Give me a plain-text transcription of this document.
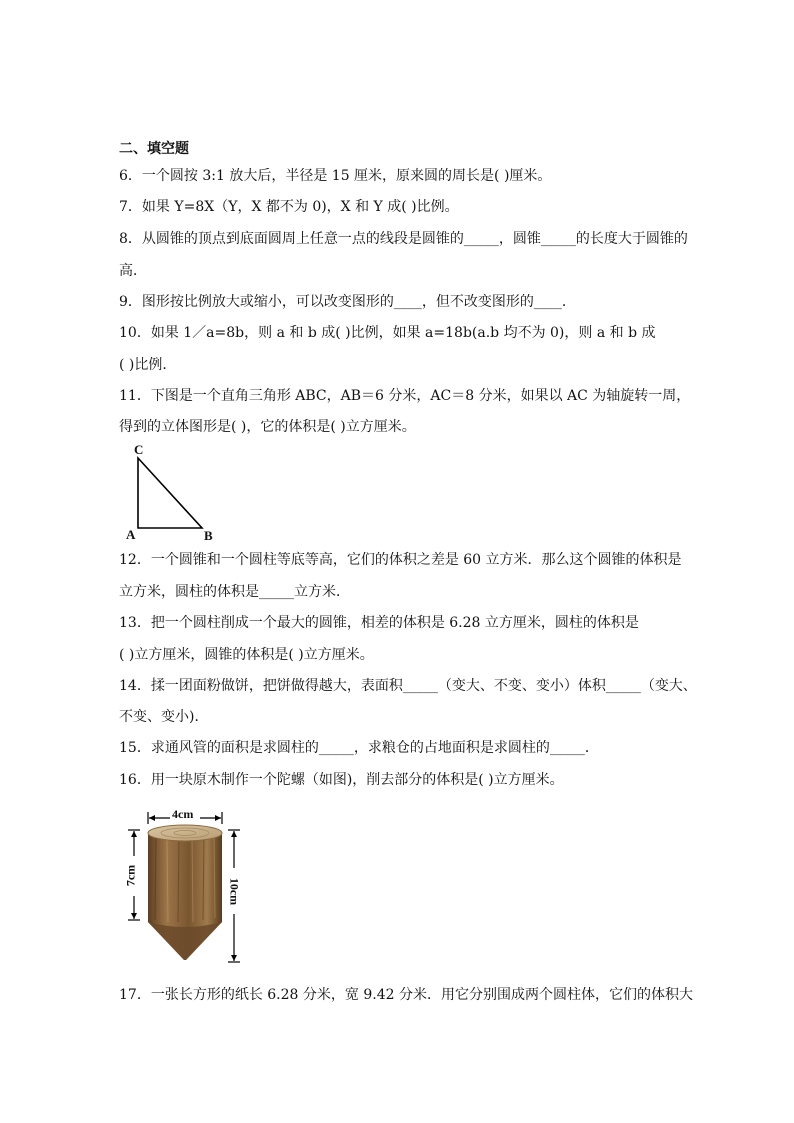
二、填空题
6．一个圆按 3:1 放大后，半径是 15 厘米，原来圆的周长是( )厘米。
7．如果 Y=8X（Y，X 都不为 0)，X 和 Y 成( )比例。
8．从圆锥的顶点到底面圆周上任意一点的线段是圆锥的_____，圆锥_____的长度大于圆锥的
高．
9．图形按比例放大或缩小，可以改变图形的____，但不改变图形的____．
10．如果 1／a=8b，则 a 和 b 成( )比例，如果 a=18b(a.b 均不为 0)，则 a 和 b 成
( )比例．
11．下图是一个直角三角形 ABC，AB＝6 分米，AC＝8 分米，如果以 AC 为轴旋转一周，
得到的立体图形是( )，它的体积是( )立方厘米。
C
A	B
12．一个圆锥和一个圆柱等底等高，它们的体积之差是 60 立方米．那么这个圆锥的体积是
立方米，圆柱的体积是_____立方米．
13．把一个圆柱削成一个最大的圆锥，相差的体积是 6.28 立方厘米，圆柱的体积是
( )立方厘米，圆锥的体积是( )立方厘米。
14．揉一团面粉做饼，把饼做得越大，表面积_____（变大、不变、变小）体积_____（变大、
不变、变小)．
15．求通风管的面积是求圆柱的_____，求粮仓的占地面积是求圆柱的_____．
16．用一块原木制作一个陀螺（如图)，削去部分的体积是( )立方厘米。
4cm
7cm
10cm
17．一张长方形的纸长 6.28 分米，宽 9.42 分米．用它分别围成两个圆柱体，它们的体积大
